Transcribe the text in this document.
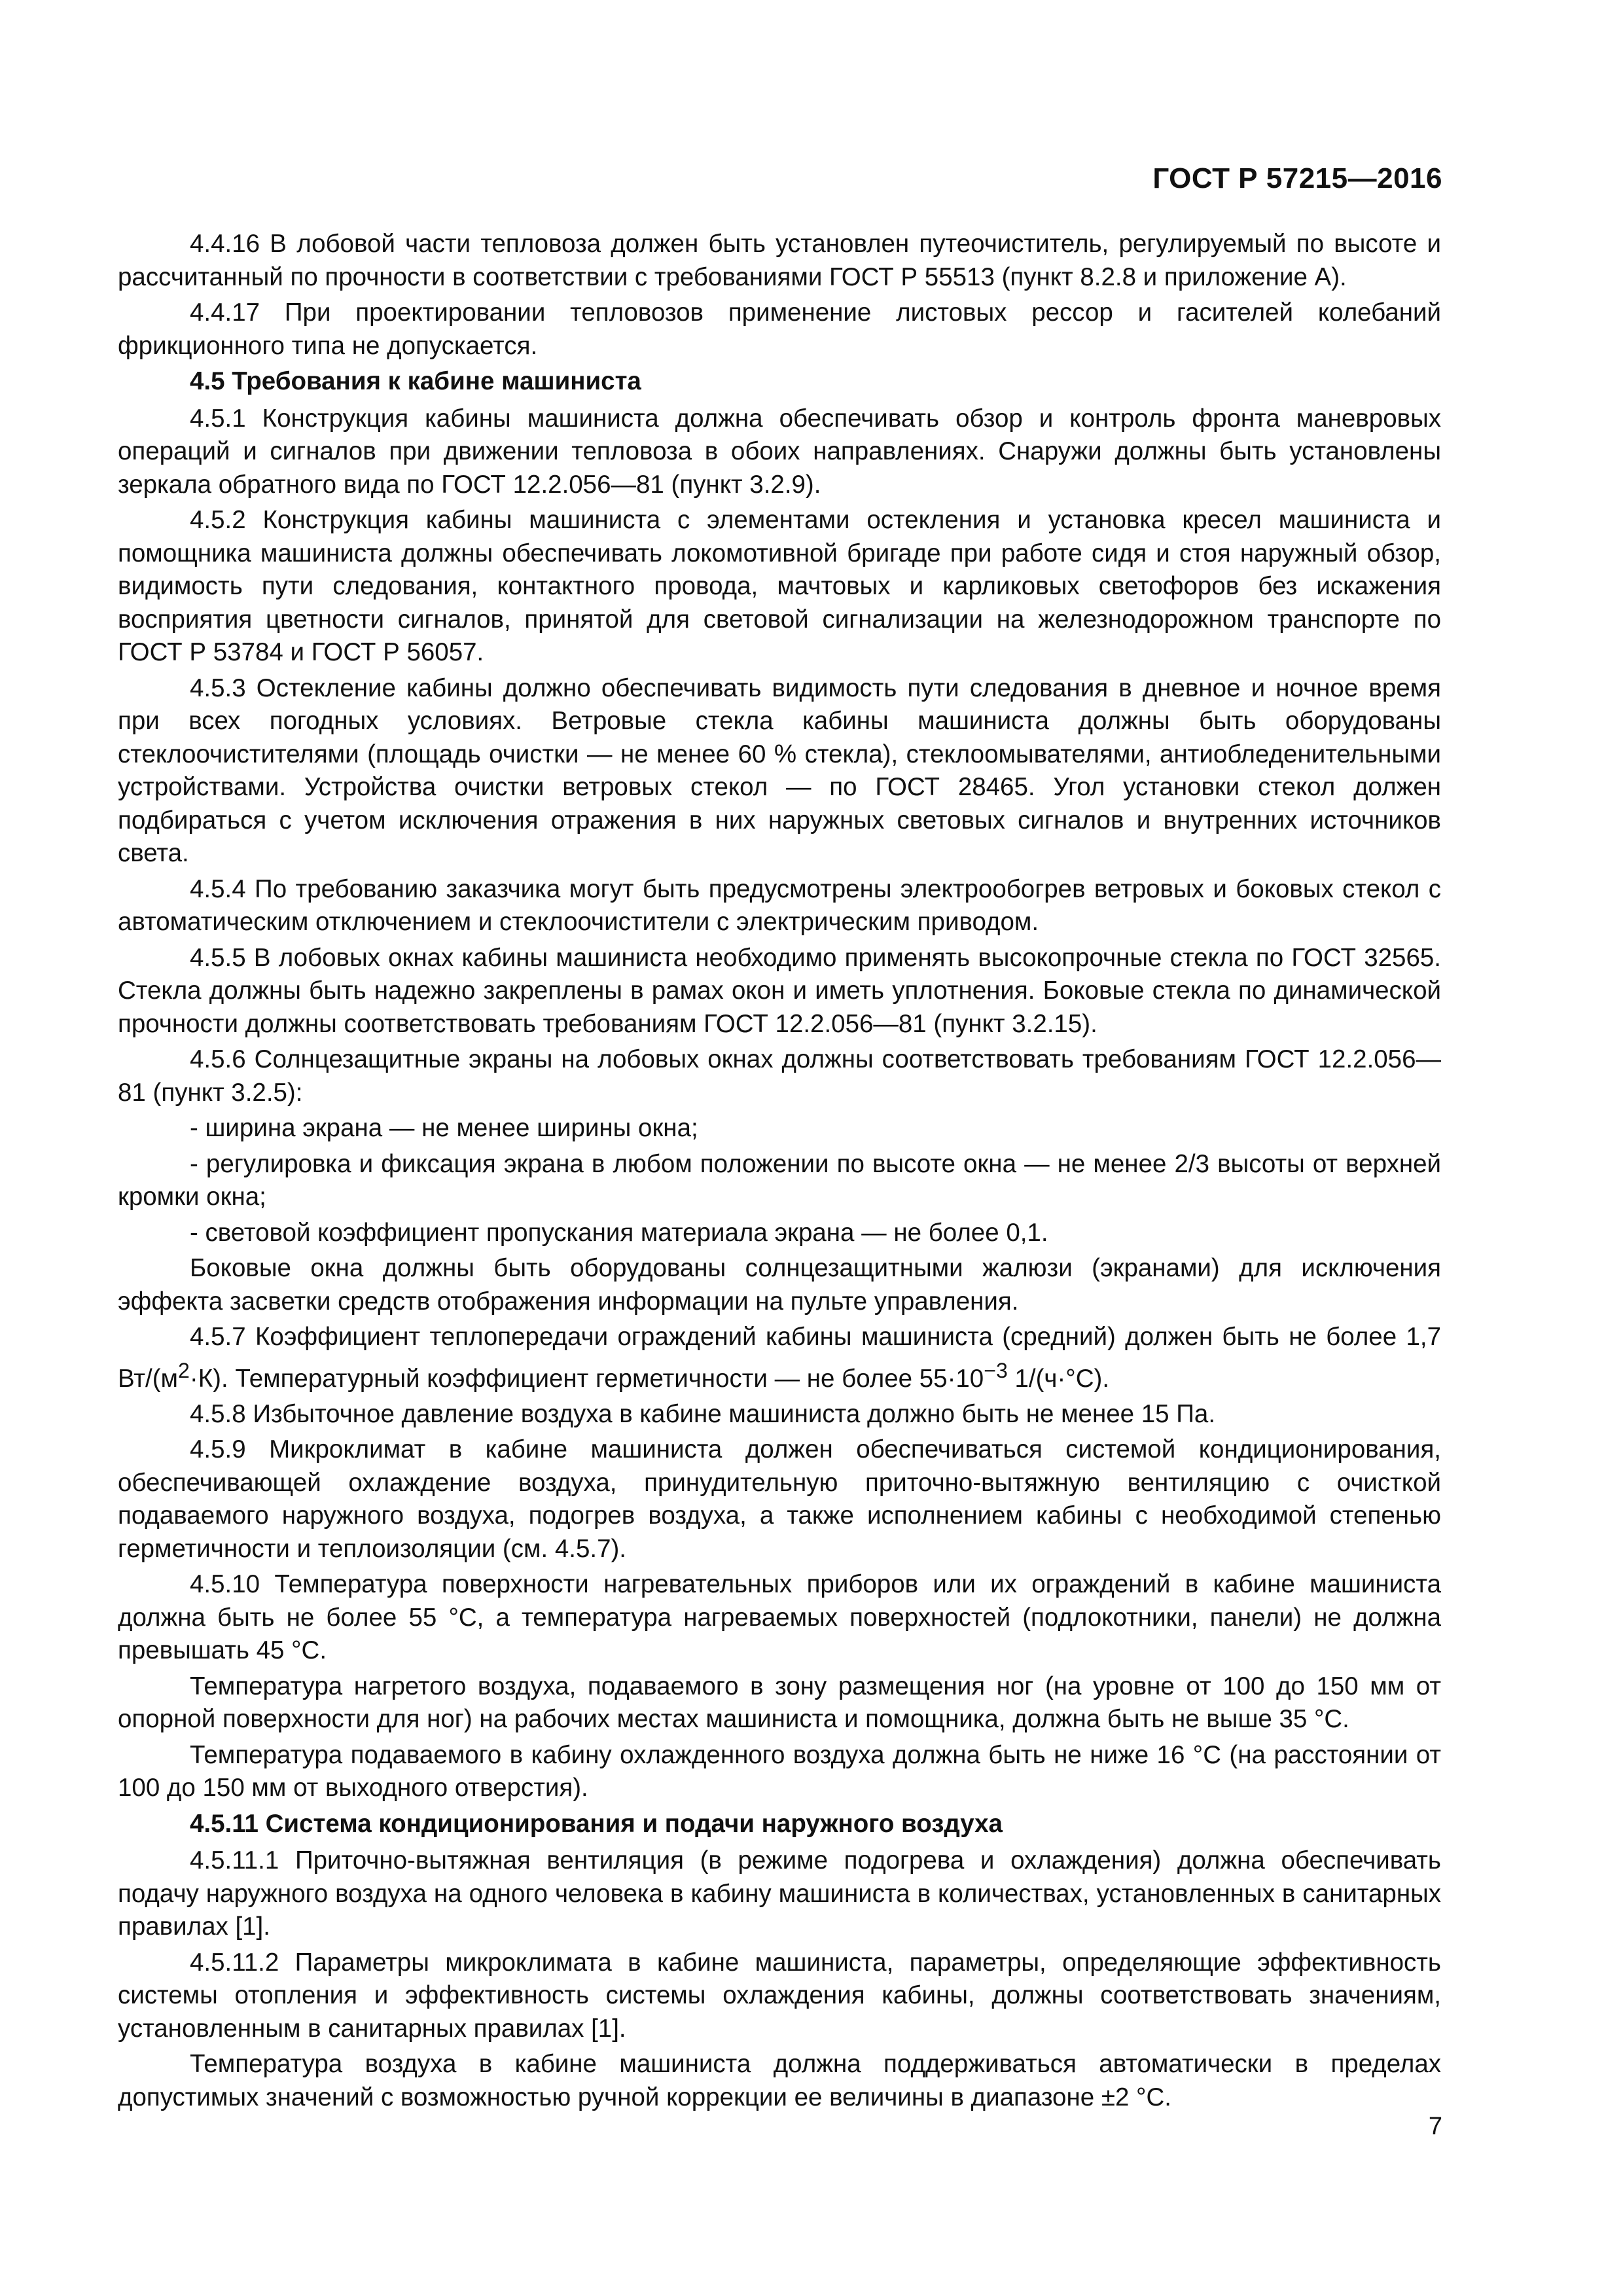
ГОСТ Р 57215—2016

4.4.16 В лобовой части тепловоза должен быть установлен путеочиститель, регулируемый по высоте и рассчитанный по прочности в соответствии с требованиями ГОСТ Р 55513 (пункт 8.2.8 и приложение А).

4.4.17 При проектировании тепловозов применение листовых рессор и гасителей колебаний фрикционного типа не допускается.

4.5 Требования к кабине машиниста

4.5.1 Конструкция кабины машиниста должна обеспечивать обзор и контроль фронта маневровых операций и сигналов при движении тепловоза в обоих направлениях. Снаружи должны быть установлены зеркала обратного вида по ГОСТ 12.2.056—81 (пункт 3.2.9).

4.5.2 Конструкция кабины машиниста с элементами остекления и установка кресел машиниста и помощника машиниста должны обеспечивать локомотивной бригаде при работе сидя и стоя наружный обзор, видимость пути следования, контактного провода, мачтовых и карликовых светофоров без искажения восприятия цветности сигналов, принятой для световой сигнализации на железнодорожном транспорте по ГОСТ Р 53784 и ГОСТ Р 56057.

4.5.3 Остекление кабины должно обеспечивать видимость пути следования в дневное и ночное время при всех погодных условиях. Ветровые стекла кабины машиниста должны быть оборудованы стеклоочистителями (площадь очистки — не менее 60 % стекла), стеклоомывателями, антиобледенительными устройствами. Устройства очистки ветровых стекол — по ГОСТ 28465. Угол установки стекол должен подбираться с учетом исключения отражения в них наружных световых сигналов и внутренних источников света.

4.5.4 По требованию заказчика могут быть предусмотрены электрообогрев ветровых и боковых стекол с автоматическим отключением и стеклоочистители с электрическим приводом.

4.5.5 В лобовых окнах кабины машиниста необходимо применять высокопрочные стекла по ГОСТ 32565. Стекла должны быть надежно закреплены в рамах окон и иметь уплотнения. Боковые стекла по динамической прочности должны соответствовать требованиям ГОСТ 12.2.056—81 (пункт 3.2.15).

4.5.6 Солнцезащитные экраны на лобовых окнах должны соответствовать требованиям ГОСТ 12.2.056—81 (пункт 3.2.5):

- ширина экрана — не менее ширины окна;

- регулировка и фиксация экрана в любом положении по высоте окна — не менее 2/3 высоты от верхней кромки окна;

- световой коэффициент пропускания материала экрана — не более 0,1.

Боковые окна должны быть оборудованы солнцезащитными жалюзи (экранами) для исключения эффекта засветки средств отображения информации на пульте управления.

4.5.7 Коэффициент теплопередачи ограждений кабины машиниста (средний) должен быть не более 1,7 $Вт/(м^2\cdot К)$. Температурный коэффициент герметичности — не более $55\cdot 10^{-3}$ 1/(ч·°С).

4.5.8 Избыточное давление воздуха в кабине машиниста должно быть не менее 15 Па.

4.5.9 Микроклимат в кабине машиниста должен обеспечиваться системой кондиционирования, обеспечивающей охлаждение воздуха, принудительную приточно-вытяжную вентиляцию с очисткой подаваемого наружного воздуха, подогрев воздуха, а также исполнением кабины с необходимой степенью герметичности и теплоизоляции (см. 4.5.7).

4.5.10 Температура поверхности нагревательных приборов или их ограждений в кабине машиниста должна быть не более 55 °С, а температура нагреваемых поверхностей (подлокотники, панели) не должна превышать 45 °С.

Температура нагретого воздуха, подаваемого в зону размещения ног (на уровне от 100 до 150 мм от опорной поверхности для ног) на рабочих местах машиниста и помощника, должна быть не выше 35 °С.

Температура подаваемого в кабину охлажденного воздуха должна быть не ниже 16 °С (на расстоянии от 100 до 150 мм от выходного отверстия).

4.5.11 Система кондиционирования и подачи наружного воздуха

4.5.11.1 Приточно-вытяжная вентиляция (в режиме подогрева и охлаждения) должна обеспечивать подачу наружного воздуха на одного человека в кабину машиниста в количествах, установленных в санитарных правилах [1].

4.5.11.2 Параметры микроклимата в кабине машиниста, параметры, определяющие эффективность системы отопления и эффективность системы охлаждения кабины, должны соответствовать значениям, установленным в санитарных правилах [1].

Температура воздуха в кабине машиниста должна поддерживаться автоматически в пределах допустимых значений с возможностью ручной коррекции ее величины в диапазоне ±2 °С.

7
